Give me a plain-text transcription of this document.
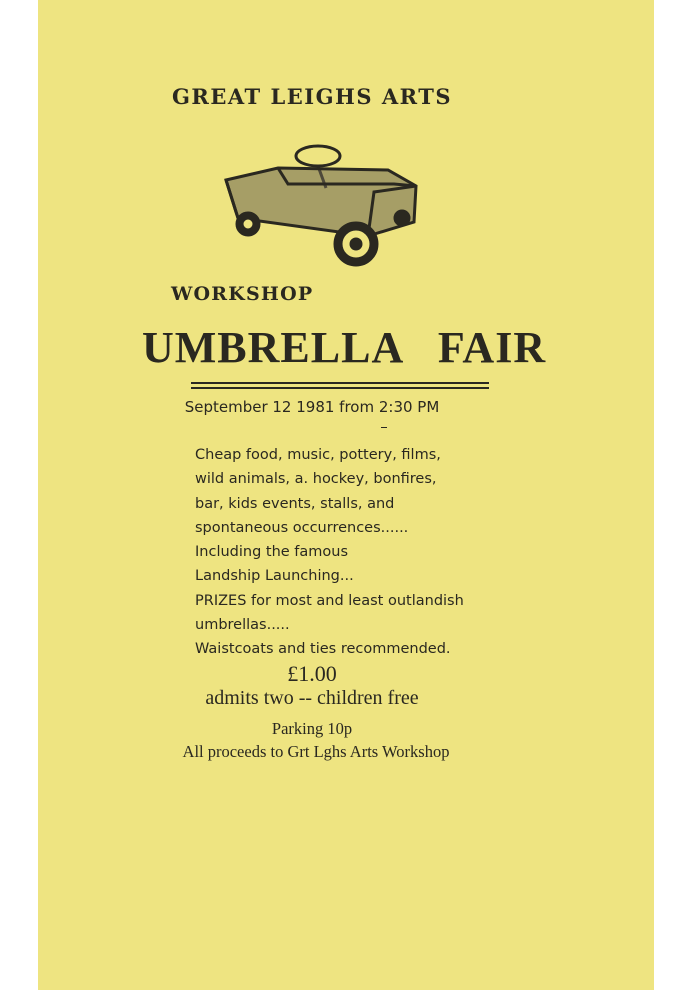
GREAT LEIGHS ARTS
WORKSHOP
UMBRELLA   FAIR
September 12 1981 from 2:30 PM
Cheap food, music, pottery, films,
wild animals, a. hockey, bonfires,
bar, kids events, stalls, and
spontaneous occurrences......
Including the famous
Landship Launching...
PRIZES for most and least outlandish
umbrellas.....
Waistcoats and ties recommended.
£1.00
admits two -- children free
Parking 10p
All proceeds to Grt Lghs Arts Workshop
